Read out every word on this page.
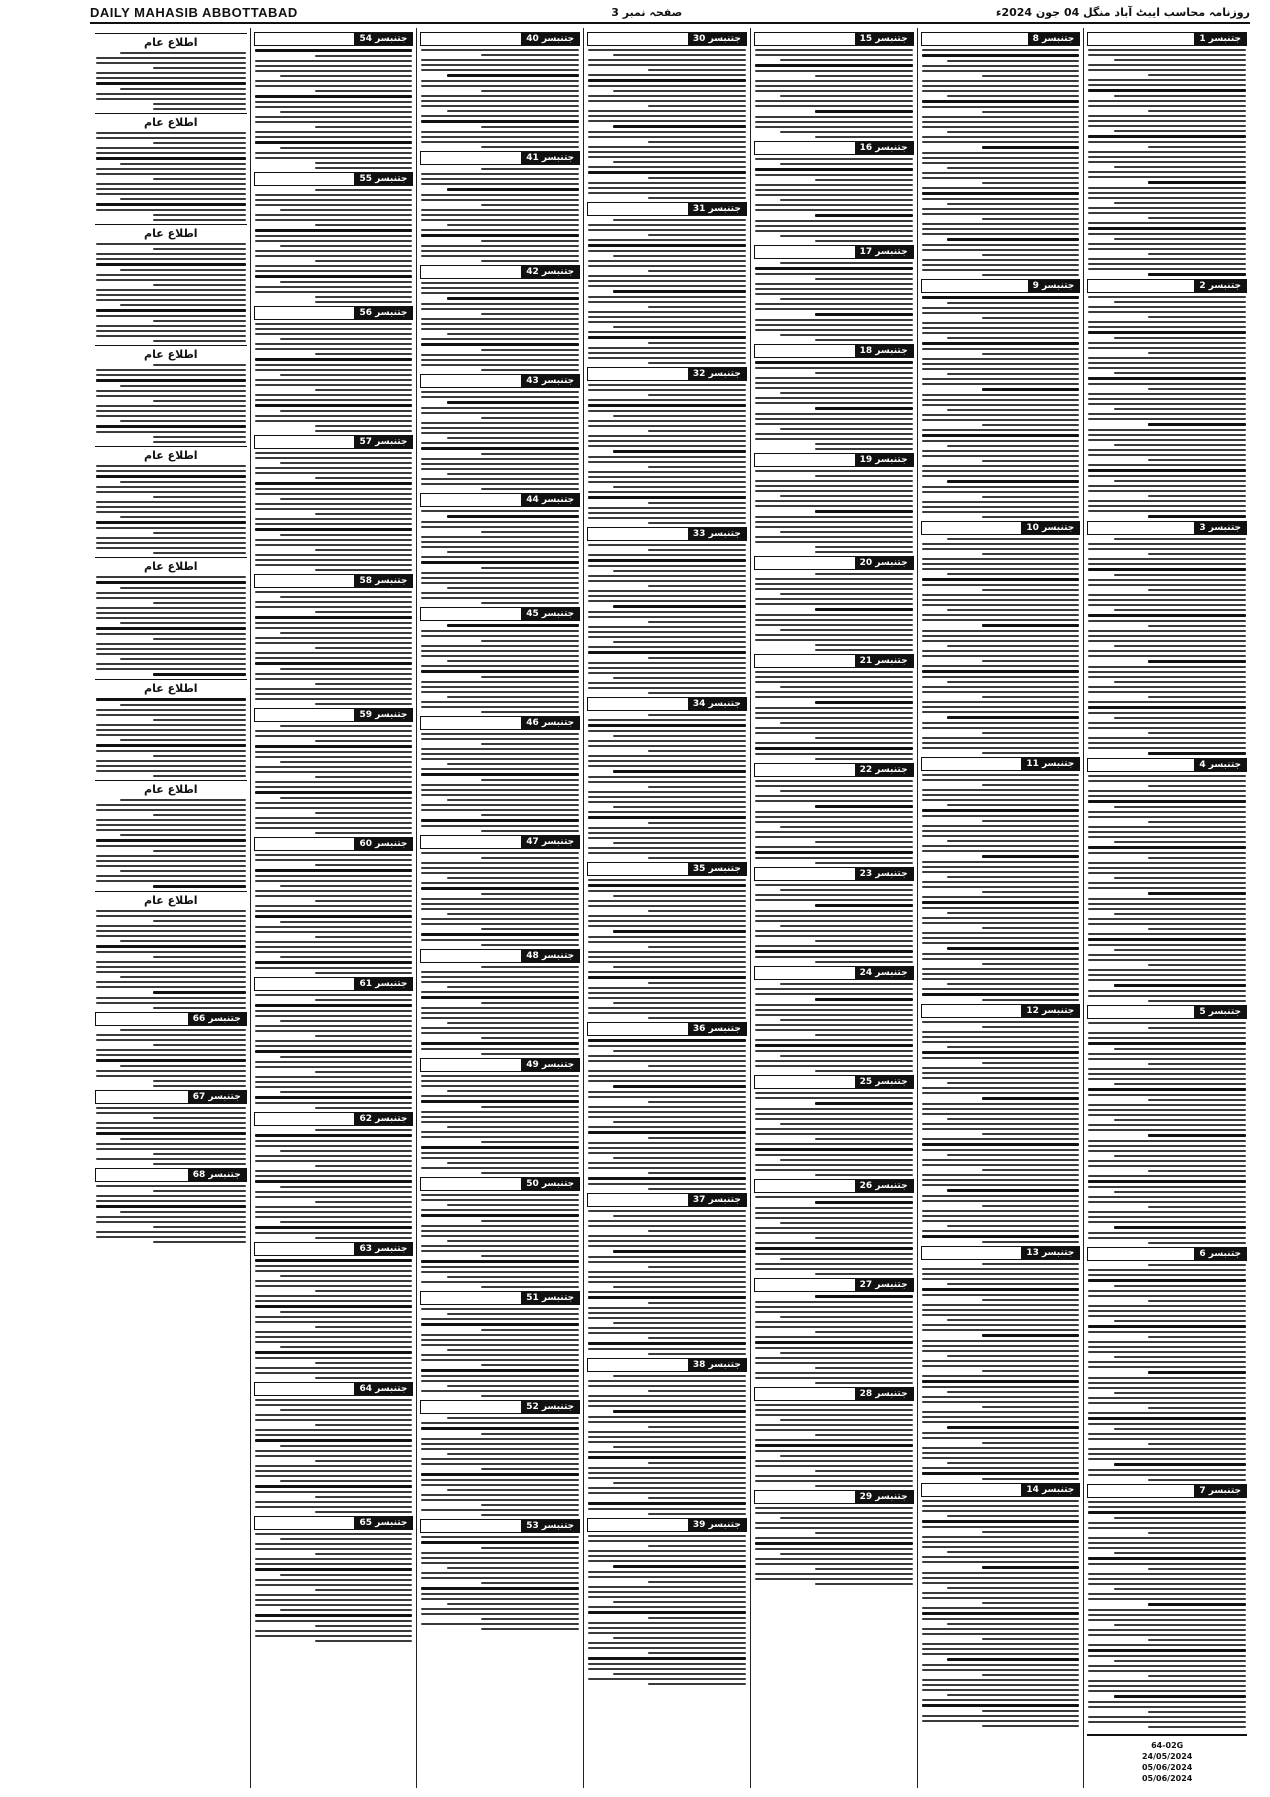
DAILY MAHASIB ABBOTTABAD	صفحہ نمبر 3	روزنامہ محاسب ایبٹ آباد منگل 04 جون 2024ء
جتنبسر 1
جتنبسر 2
جتنبسر 3
جتنبسر 4
جتنبسر 5
جتنبسر 6
جتنبسر 7
64-02G
24/05/2024
05/06/2024
05/06/2024
جتنبسر 8
جتنبسر 9
جتنبسر 10
جتنبسر 11
جتنبسر 12
جتنبسر 13
جتنبسر 14
جتنبسر 15
جتنبسر 16
جتنبسر 17
جتنبسر 18
جتنبسر 19
جتنبسر 20
جتنبسر 21
جتنبسر 22
جتنبسر 23
جتنبسر 24
جتنبسر 25
جتنبسر 26
جتنبسر 27
جتنبسر 28
جتنبسر 29
جتنبسر 30
جتنبسر 31
جتنبسر 32
جتنبسر 33
جتنبسر 34
جتنبسر 35
جتنبسر 36
جتنبسر 37
جتنبسر 38
جتنبسر 39
جتنبسر 40
جتنبسر 41
جتنبسر 42
جتنبسر 43
جتنبسر 44
جتنبسر 45
جتنبسر 46
جتنبسر 47
جتنبسر 48
جتنبسر 49
جتنبسر 50
جتنبسر 51
جتنبسر 52
جتنبسر 53
جتنبسر 54
جتنبسر 55
جتنبسر 56
جتنبسر 57
جتنبسر 58
جتنبسر 59
جتنبسر 60
جتنبسر 61
جتنبسر 62
جتنبسر 63
جتنبسر 64
جتنبسر 65
اطلاع عام
اطلاع عام
اطلاع عام
اطلاع عام
اطلاع عام
اطلاع عام
اطلاع عام
اطلاع عام
اطلاع عام
جتنبسر 66
جتنبسر 67
جتنبسر 68
